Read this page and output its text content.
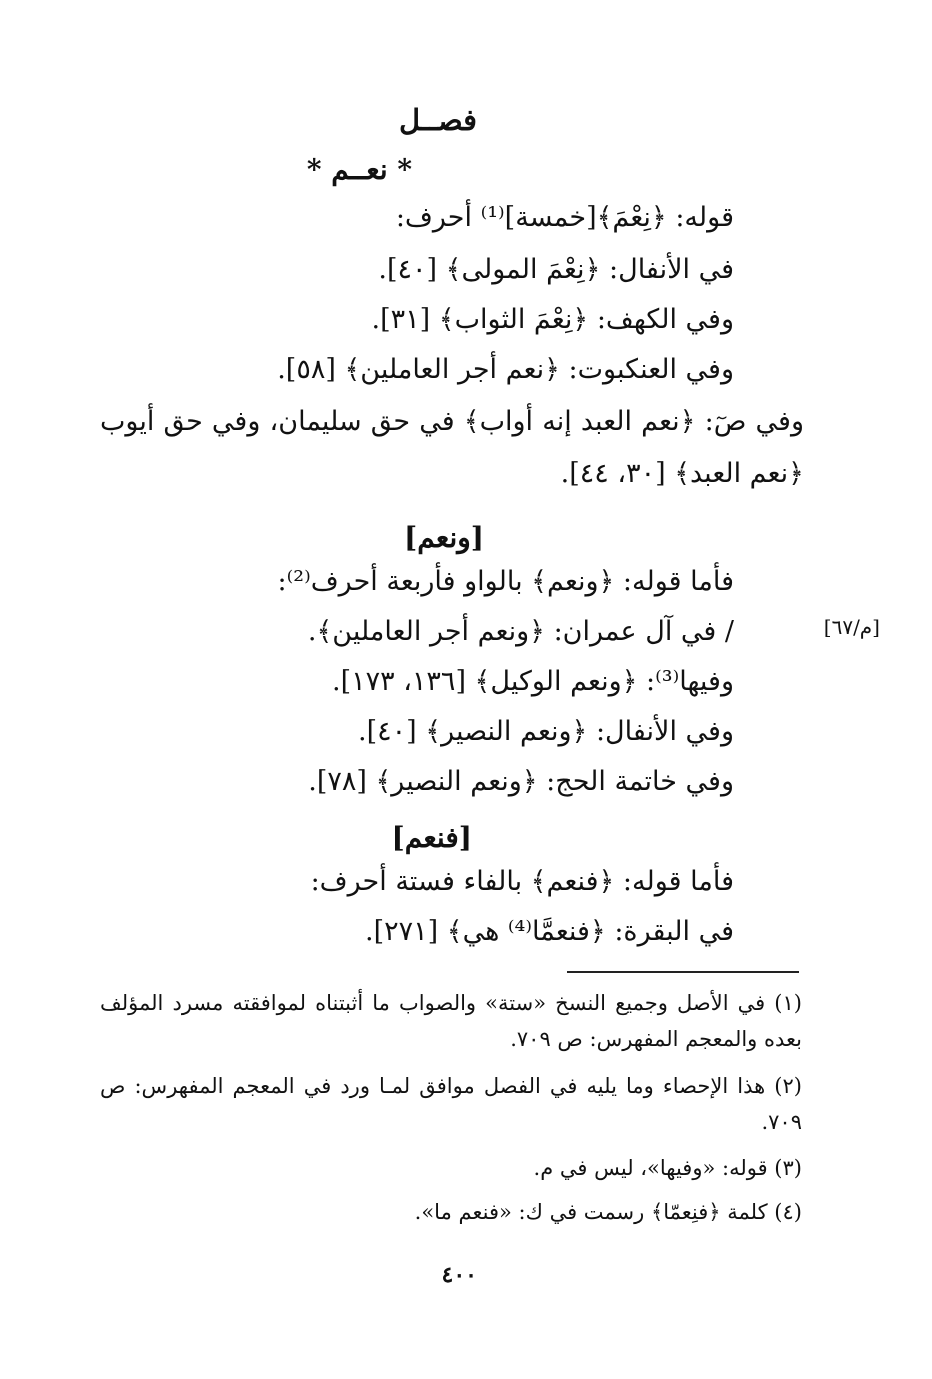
فصــل
* نعــم *
قوله: ﴿نِعْمَ﴾[خمسة]⁽¹⁾ أحرف:
في الأنفال: ﴿نِعْمَ المولى﴾ [٤٠].
وفي الكهف: ﴿نِعْمَ الثواب﴾ [٣١].
وفي العنكبوت: ﴿نعم أجر العاملين﴾ [٥٨].
وفي صٓ: ﴿نعم العبد إنه أواب﴾ في حق سليمان، وفي حق أيوب ﴿نعم العبد﴾ [٣٠، ٤٤].
[ونعم]
فأما قوله: ﴿ونعم﴾ بالواو فأربعة أحرف⁽²⁾:
/ في آل عمران: ﴿ونعم أجر العاملين﴾.	[م/٦٧]
وفيها⁽³⁾: ﴿ونعم الوكيل﴾ [١٣٦، ١٧٣].
وفي الأنفال: ﴿ونعم النصير﴾ [٤٠].
وفي خاتمة الحج: ﴿ونعم النصير﴾ [٧٨].
[فنعم]
فأما قوله: ﴿فنعم﴾ بالفاء فستة أحرف:
في البقرة: ﴿فنعمَّا⁽⁴⁾ هي﴾ [٢٧١].
(١) في الأصل وجميع النسخ «ستة» والصواب ما أثبتناه لموافقته مسرد المؤلف بعده والمعجم المفهرس: ص ٧٠٩.
(٢) هذا الإحصاء وما يليه في الفصل موافق لمـا ورد في المعجم المفهرس: ص ٧٠٩.
(٣) قوله: «وفيها»، ليس في م.
(٤) كلمة ﴿فنِعمّا﴾ رسمت في ك: «فنعم ما».
٤٠٠
